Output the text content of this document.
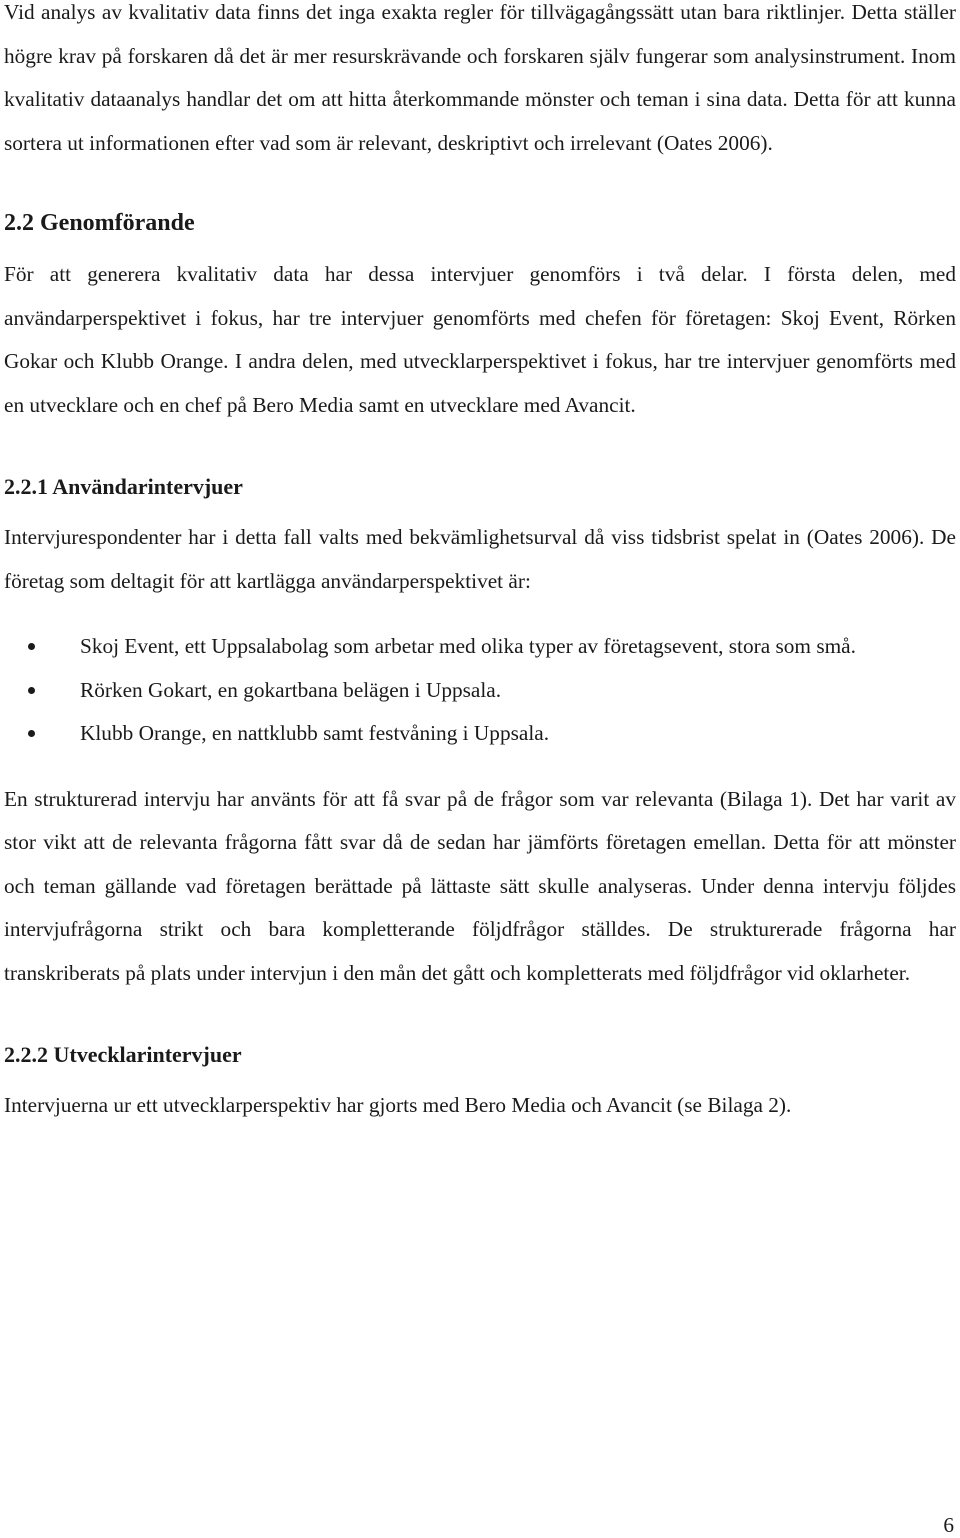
Vid analys av kvalitativ data finns det inga exakta regler för tillvägagångssätt utan bara riktlinjer. Detta ställer högre krav på forskaren då det är mer resurskrävande och forskaren själv fungerar som analysinstrument. Inom kvalitativ dataanalys handlar det om att hitta återkommande mönster och teman i sina data. Detta för att kunna sortera ut informationen efter vad som är relevant, deskriptivt och irrelevant (Oates 2006).

2.2 Genomförande

För att generera kvalitativ data har dessa intervjuer genomförs i två delar. I första delen, med användarperspektivet i fokus, har tre intervjuer genomförts med chefen för företagen: Skoj Event, Rörken Gokar och Klubb Orange. I andra delen, med utvecklarperspektivet i fokus, har tre intervjuer genomförts med en utvecklare och en chef på Bero Media samt en utvecklare med Avancit.

2.2.1 Användarintervjuer

Intervjurespondenter har i detta fall valts med bekvämlighetsurval då viss tidsbrist spelat in (Oates 2006). De företag som deltagit för att kartlägga användarperspektivet är:

Skoj Event, ett Uppsalabolag som arbetar med olika typer av företagsevent, stora som små.
Rörken Gokart, en gokartbana belägen i Uppsala.
Klubb Orange, en nattklubb samt festvåning i Uppsala.

En strukturerad intervju har använts för att få svar på de frågor som var relevanta (Bilaga 1). Det har varit av stor vikt att de relevanta frågorna fått svar då de sedan har jämförts företagen emellan. Detta för att mönster och teman gällande vad företagen berättade på lättaste sätt skulle analyseras. Under denna intervju följdes intervjufrågorna strikt och bara kompletterande följdfrågor ställdes. De strukturerade frågorna har transkriberats på plats under intervjun i den mån det gått och kompletterats med följdfrågor vid oklarheter.

2.2.2 Utvecklarintervjuer

Intervjuerna ur ett utvecklarperspektiv har gjorts med Bero Media och Avancit (se Bilaga 2).

6
